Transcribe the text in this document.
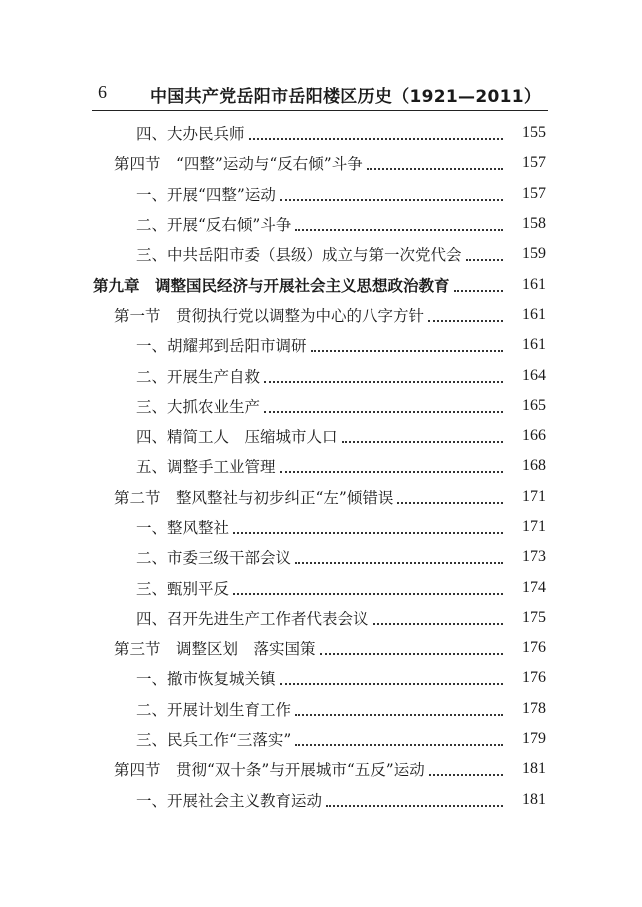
6	中国共产党岳阳市岳阳楼区历史（1921—2011）
四、大办民兵师	155
第四节　“四整”运动与“反右倾”斗争	157
一、开展“四整”运动	157
二、开展“反右倾”斗争	158
三、中共岳阳市委（县级）成立与第一次党代会	159
第九章　调整国民经济与开展社会主义思想政治教育	161
第一节　贯彻执行党以调整为中心的八字方针	161
一、胡耀邦到岳阳市调研	161
二、开展生产自救	164
三、大抓农业生产	165
四、精简工人　压缩城市人口	166
五、调整手工业管理	168
第二节　整风整社与初步纠正“左”倾错误	171
一、整风整社	171
二、市委三级干部会议	173
三、甄别平反	174
四、召开先进生产工作者代表会议	175
第三节　调整区划　落实国策	176
一、撤市恢复城关镇	176
二、开展计划生育工作	178
三、民兵工作“三落实”	179
第四节　贯彻“双十条”与开展城市“五反”运动	181
一、开展社会主义教育运动	181
